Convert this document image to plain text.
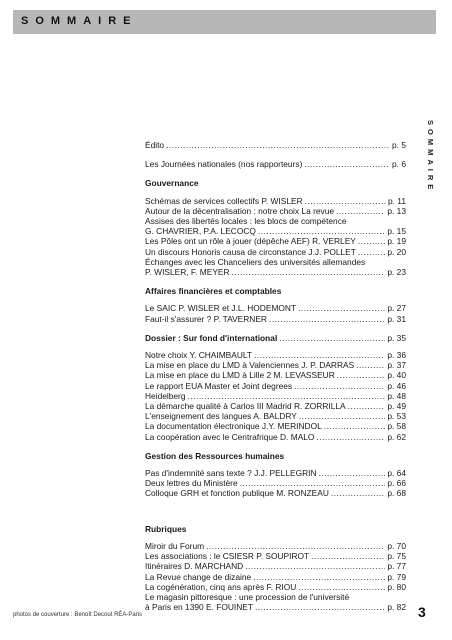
SOMMAIRE
SOMMAIRE
Édito .....	p. 5
Les Journées nationales (nos rapporteurs) .....	p. 6
Gouvernance
Schémas de services collectifs P. WISLER .....	p. 11
Autour de la décentralisation : notre choix La revue .....	p. 13
Assises des libertés locales : les blocs de compétence
G. CHAVRIER, P.A. LECOCQ .....	p. 15
Les Pôles ont un rôle à jouer (dépêche AEF) R. VERLEY .....	p. 19
Un discours Honoris causa de circonstance J.J. POLLET .....	p. 20
Échanges avec les Chanceliers des universités allemandes
P. WISLER, F. MEYER .....	p. 23
Affaires financières et comptables
Le SAIC P. WISLER et J.L. HODEMONT .....	p. 27
Faut-il s'assurer ? P. TAVERNER .....	p. 31
Dossier : Sur fond d'international .....	p. 35
Notre choix Y. CHAIMBAULT .....	p. 36
La mise en place du LMD à Valenciennes J. P. DARRAS .....	p. 37
La mise en place du LMD à Lille 2 M. LEVASSEUR .....	p. 40
Le rapport EUA Master et Joint degrees .....	p. 46
Heidelberg .....	p. 48
La démarche qualité à Carlos III Madrid R. ZORRILLA .....	p. 49
L'enseignement des langues A. BALDRY .....	p. 53
La documentation électronique J.Y. MERINDOL .....	p. 58
La coopération avec le Centrafrique D. MALO .....	p. 62
Gestion des Ressources humaines
Pas d'indemnité sans texte ? J.J. PELLEGRIN .....	p. 64
Deux lettres du Ministère .....	p. 66
Colloque GRH et fonction publique M. RONZEAU .....	p. 68
Rubriques
Miroir du Forum .....	p. 70
Les associations : le CSIESR P. SOUPIROT .....	p. 75
Itinéraires D. MARCHAND .....	p. 77
La Revue change de dizaine .....	p. 79
La cogénération, cinq ans après F. RIOU .....	p. 80
Le magasin pittoresque : une procession de l'université
à Paris en 1390 E. FOUINET .....	p. 82
photos de couverture : Benoît Decout RÉA-Paris	3
